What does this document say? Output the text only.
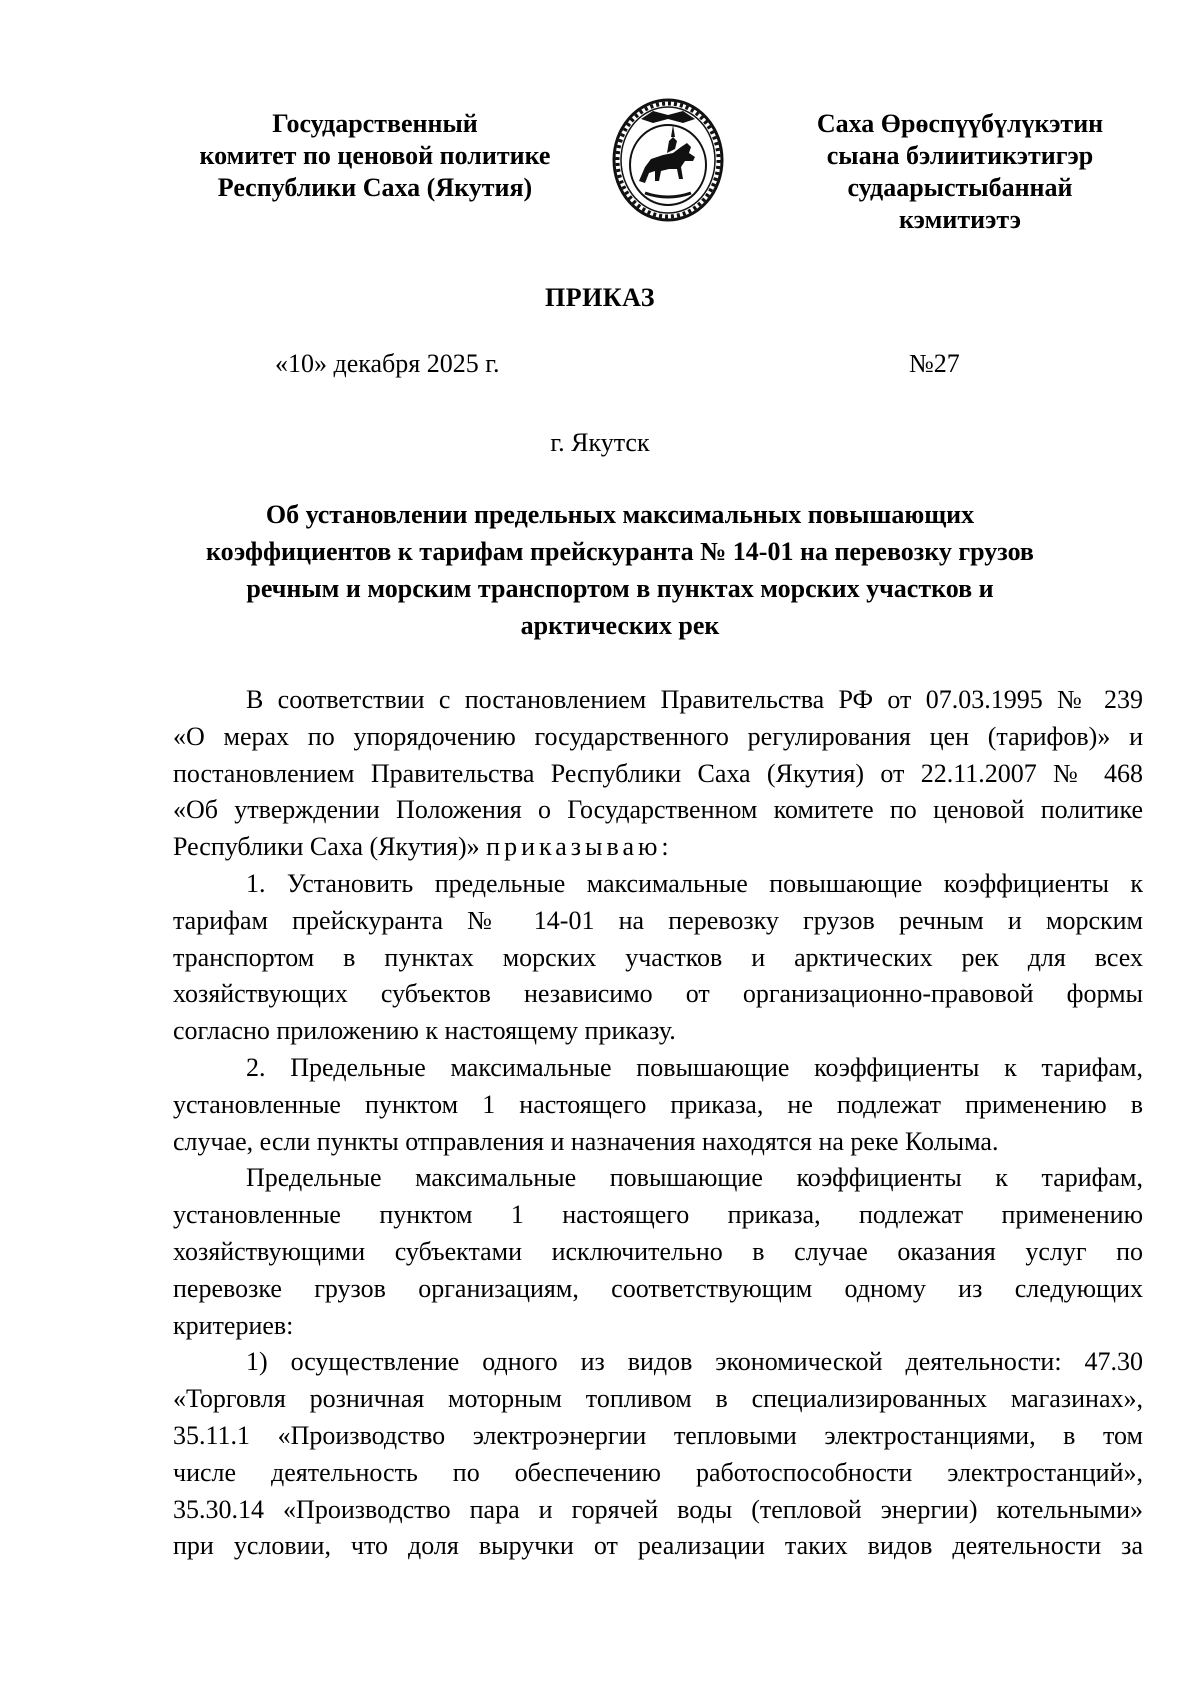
Государственный
комитет по ценовой политике
Республики Саха (Якутия)
Саха Өрөспүүбүлүкэтин
сыана бэлиитикэтигэр
судаарыстыбаннай
кэмитиэтэ
ПРИКАЗ
«10» декабря 2025 г.	№27
г. Якутск
Об установлении предельных максимальных повышающих
коэффициентов к тарифам прейскуранта № 14-01 на перевозку грузов
речным и морским транспортом в пунктах морских участков и
арктических рек
В соответствии с постановлением Правительства РФ от 07.03.1995 № 239
«О мерах по упорядочению государственного регулирования цен (тарифов)» и
постановлением Правительства Республики Саха (Якутия) от 22.11.2007 № 468
«Об утверждении Положения о Государственном комитете по ценовой политике
Республики Саха (Якутия)» приказываю:
1. Установить предельные максимальные повышающие коэффициенты к
тарифам прейскуранта № 14-01 на перевозку грузов речным и морским
транспортом в пунктах морских участков и арктических рек для всех
хозяйствующих субъектов независимо от организационно-правовой формы
согласно приложению к настоящему приказу.
2. Предельные максимальные повышающие коэффициенты к тарифам,
установленные пунктом 1 настоящего приказа, не подлежат применению в
случае, если пункты отправления и назначения находятся на реке Колыма.
Предельные максимальные повышающие коэффициенты к тарифам,
установленные пунктом 1 настоящего приказа, подлежат применению
хозяйствующими субъектами исключительно в случае оказания услуг по
перевозке грузов организациям, соответствующим одному из следующих
критериев:
1) осуществление одного из видов экономической деятельности: 47.30
«Торговля розничная моторным топливом в специализированных магазинах»,
35.11.1 «Производство электроэнергии тепловыми электростанциями, в том
числе деятельность по обеспечению работоспособности электростанций»,
35.30.14 «Производство пара и горячей воды (тепловой энергии) котельными»
при условии, что доля выручки от реализации таких видов деятельности за
